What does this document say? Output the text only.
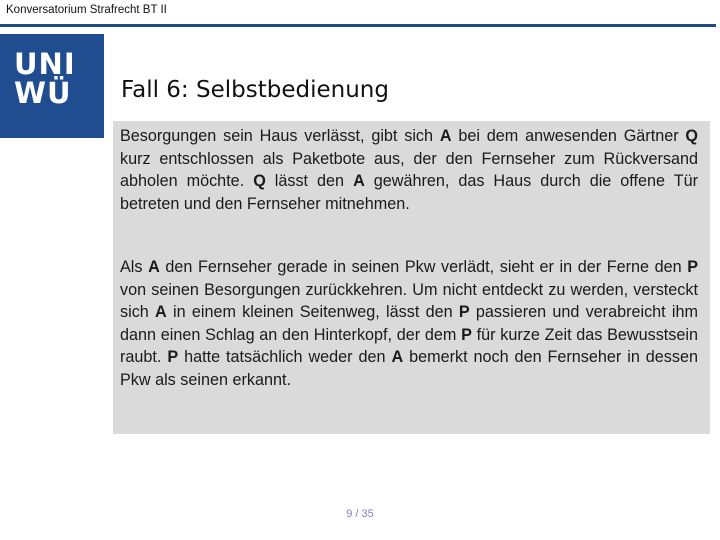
Konversatorium Strafrecht BT II
UNI
WÜ	Fall 6: Selbstbedienung
Besorgungen sein Haus verlässt, gibt sich A bei dem anwesenden Gärtner Q kurz entschlossen als Paketbote aus, der den Fernseher zum Rückversand abholen möchte. Q lässt den A gewähren, das Haus durch die offene Tür betreten und den Fernseher mitnehmen.
Als A den Fernseher gerade in seinen Pkw verlädt, sieht er in der Ferne den P von seinen Besorgungen zurückkehren. Um nicht entdeckt zu werden, versteckt sich A in einem kleinen Seitenweg, lässt den P passieren und verabreicht ihm dann einen Schlag an den Hinterkopf, der dem P für kurze Zeit das Bewusstsein raubt. P hatte tatsächlich weder den A bemerkt noch den Fernseher in dessen Pkw als seinen erkannt.
9 / 35
